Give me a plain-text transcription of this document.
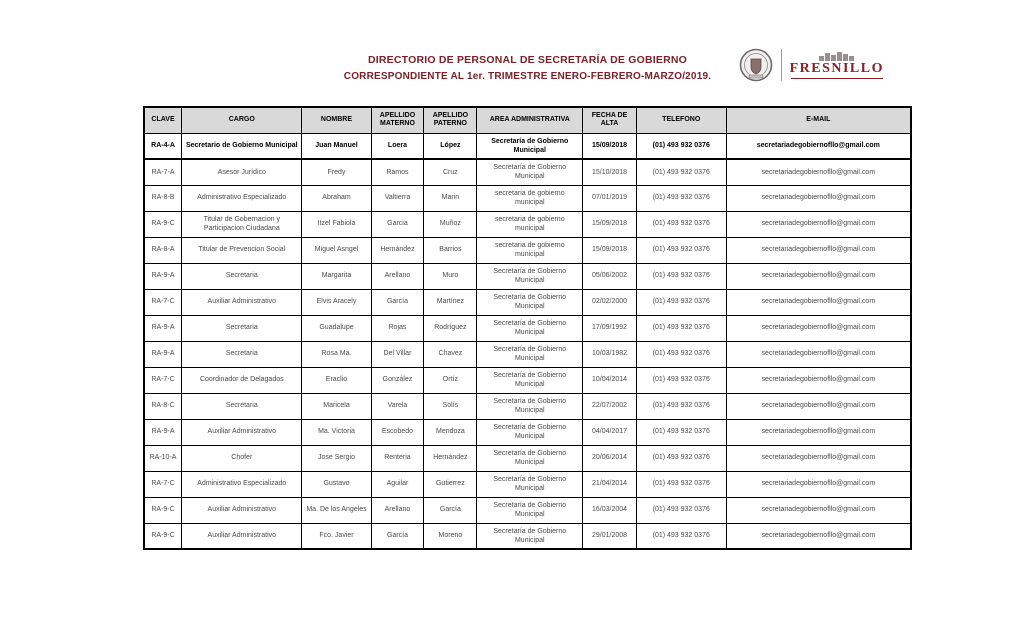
DIRECTORIO DE PERSONAL DE SECRETARÍA DE GOBIERNO
CORRESPONDIENTE AL 1er. TRIMESTRE ENERO-FEBRERO-MARZO/2019.
FRESNILLO
CLAVE	CARGO	NOMBRE	APELLIDO MATERNO	APELLIDO PATERNO	AREA ADMINISTRATIVA	FECHA DE ALTA	TELEFONO	E-MAIL
RA-4-A	Secretario de Gobierno Municipal	Juan Manuel	Loera	López	Secretaría de Gobierno Municipal	15/09/2018	(01) 493 932 0376	secretariadegobiernofllo@gmail.com
RA-7-A	Asesor Jurídico	Fredy	Ramos	Cruz	Secretaría de Gobierno Municipal	15/10/2018	(01) 493 932 0376	secretariadegobiernofllo@gmail.com
RA-8-B	Administrativo Especializado	Abraham	Valtierra	Marin	secretaria de gobierno municipal	07/01/2019	(01) 493 932 0376	secretariadegobiernofllo@gmail.com
RA-9-C	Titular de Gobernacion y Participacion Ciudadana	Itzel Fabiola	Garcia	Muñoz	secretaria de gobierno municipal	15/09/2018	(01) 493 932 0376	secretariadegobiernofllo@gmail.com
RA-8-A	Titular de Prevencion Social	Miguel Asngel	Hernández	Barrios	secretaria de gobierno municipal	15/09/2018	(01) 493 932 0376	secretariadegobiernofllo@gmail.com
RA-9-A	Secretaria	Margarita	Arellano	Muro	Secretaría de Gobierno Municipal	05/06/2002	(01) 493 932 0376	secretariadegobiernofllo@gmail.com
RA-7-C	Auxiliar Administrativo	Elvis Aracely	García	Martínez	Secretaría de Gobierno Municipal	02/02/2000	(01) 493 932 0376	secretariadegobiernofllo@gmail.com
RA-9-A	Secretaria	Guadalupe	Rojas	Rodríguez	Secretaría de Gobierno Municipal	17/09/1992	(01) 493 932 0376	secretariadegobiernofllo@gmail.com
RA-9-A	Secretaria	Rosa Ma.	Del Villar	Chavez	Secretaría de Gobierno Municipal	10/03/1982	(01) 493 932 0376	secretariadegobiernofllo@gmail.com
RA-7-C	Coordinador de Delagados	Eraclio	González	Ortíz	Secretaría de Gobierno Municipal	10/04/2014	(01) 493 932 0376	secretariadegobiernofllo@gmail.com
RA-8-C	Secretaria	Maricela	Varela	Solís	Secretaría de Gobierno Municipal	22/07/2002	(01) 493 932 0376	secretariadegobiernofllo@gmail.com
RA-9-A	Auxiliar Administrativo	Ma. Victoria	Escobedo	Mendoza	Secretaría de Gobierno Municipal	04/04/2017	(01) 493 932 0376	secretariadegobiernofllo@gmail.com
RA-10-A	Chofer	Jose Sergio	Renteria	Hernández	Secretaría de Gobierno Municipal	20/06/2014	(01) 493 932 0376	secretariadegobiernofllo@gmail.com
RA-7-C	Administrativo Especializado	Gustavo	Aguilar	Gutierrez	Secretaría de Gobierno Municipal	21/04/2014	(01) 493 932 0376	secretariadegobiernofllo@gmail.com
RA-9-C	Auxiliar Administrativo	Ma. De los Angeles	Arellano	García	Secretaría de Gobierno Municipal	16/03/2004	(01) 493 932 0376	secretariadegobiernofllo@gmail.com
RA-9-C	Auxiliar Administrativo	Fco. Javier	García	Moreno	Secretaría de Gobierno Municipal	29/01/2008	(01) 493 932 0376	secretariadegobiernofllo@gmail.com
